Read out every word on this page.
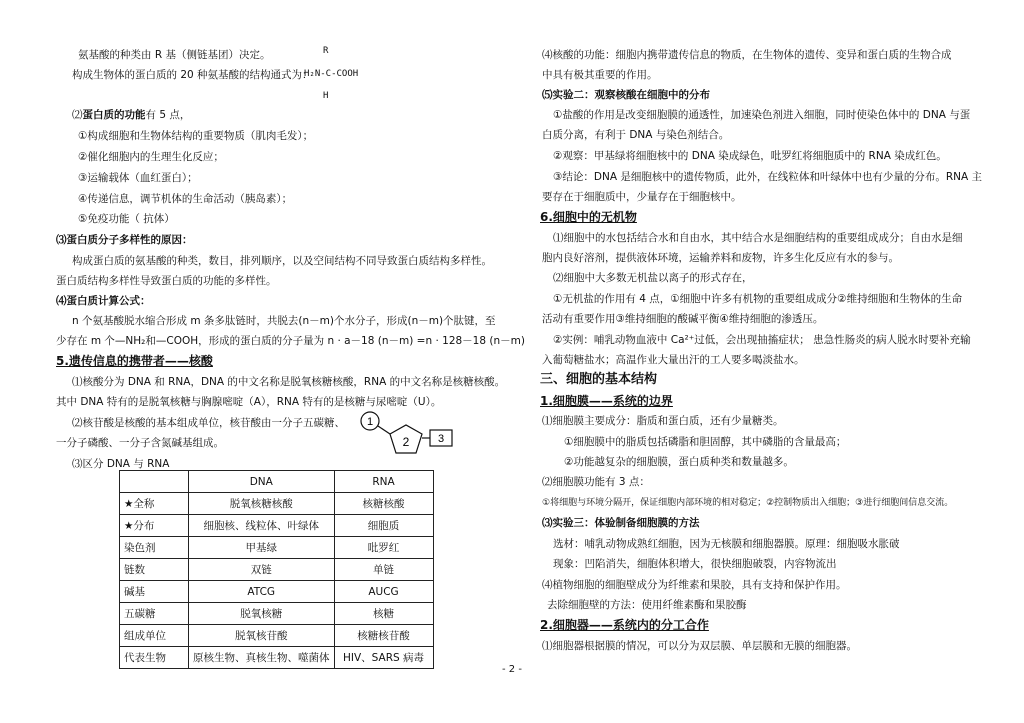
氨基酸的种类由 R 基（侧链基团）决定。	R
构成生物体的蛋白质的 20 种氨基酸的结构通式为：
H₂N-C-COOH
H
⑵蛋白质的功能有 5 点，
①构成细胞和生物体结构的重要物质（肌肉毛发）；
②催化细胞内的生理生化反应；
③运输载体（血红蛋白）；
④传递信息，调节机体的生命活动（胰岛素）；
⑤免疫功能（ 抗体）
⑶蛋白质分子多样性的原因：
构成蛋白质的氨基酸的种类，数目，排列顺序，以及空间结构不同导致蛋白质结构多样性。
蛋白质结构多样性导致蛋白质的功能的多样性。
⑷蛋白质计算公式：
n 个氨基酸脱水缩合形成 m 条多肽链时，共脱去(n－m)个水分子，形成(n－m)个肽键，至
少存在 m 个—NH₂和—COOH，形成的蛋白质的分子量为 n · a－18 (n－m) =n · 128－18 (n－m)
5.遗传信息的携带者——核酸
⑴核酸分为 DNA 和 RNA，DNA 的中文名称是脱氧核糖核酸，RNA 的中文名称是核糖核酸。
其中 DNA 特有的是脱氧核糖与胸腺嘧啶（A），RNA 特有的是核糖与尿嘧啶（U）。
⑵核苷酸是核酸的基本组成单位，核苷酸由一分子五碳糖、
一分子磷酸、一分子含氮碱基组成。
⑶区分 DNA 与 RNA
1
2	3
	DNA	RNA
★全称	脱氧核糖核酸	核糖核酸
★分布	细胞核、线粒体、叶绿体	细胞质
染色剂	甲基绿	吡罗红
链数	双链	单链
碱基	ATCG	AUCG
五碳糖	脱氧核糖	核糖
组成单位	脱氧核苷酸	核糖核苷酸
代表生物	原核生物、真核生物、噬菌体	HIV、SARS 病毒
⑷核酸的功能：细胞内携带遗传信息的物质，在生物体的遗传、变异和蛋白质的生物合成
中具有极其重要的作用。
⑸实验二：观察核酸在细胞中的分布
①盐酸的作用是改变细胞膜的通透性，加速染色剂进入细胞，同时使染色体中的 DNA 与蛋
白质分离，有利于 DNA 与染色剂结合。
②观察：甲基绿将细胞核中的 DNA 染成绿色，吡罗红将细胞质中的 RNA 染成红色。
③结论：DNA 是细胞核中的遗传物质，此外，在线粒体和叶绿体中也有少量的分布。RNA 主
要存在于细胞质中，少量存在于细胞核中。
6.细胞中的无机物
⑴细胞中的水包括结合水和自由水，其中结合水是细胞结构的重要组成成分；自由水是细
胞内良好溶剂，提供液体环境，运输养料和废物，许多生化反应有水的参与。
⑵细胞中大多数无机盐以离子的形式存在，
①无机盐的作用有 4 点，①细胞中许多有机物的重要组成成分②维持细胞和生物体的生命
活动有重要作用③维持细胞的酸碱平衡④维持细胞的渗透压。
②实例：哺乳动物血液中 Ca²⁺过低，会出现抽搐症状； 患急性肠炎的病人脱水时要补充输
入葡萄糖盐水；高温作业大量出汗的工人要多喝淡盐水。
三、细胞的基本结构
1.细胞膜——系统的边界
⑴细胞膜主要成分：脂质和蛋白质，还有少量糖类。
①细胞膜中的脂质包括磷脂和胆固醇，其中磷脂的含量最高；
②功能越复杂的细胞膜，蛋白质种类和数量越多。
⑵细胞膜功能有 3 点：
①将细胞与环境分隔开，保证细胞内部环境的相对稳定；②控制物质出入细胞；③进行细胞间信息交流。
⑶实验三：体验制备细胞膜的方法
选材：哺乳动物成熟红细胞，因为无核膜和细胞器膜。原理：细胞吸水胀破
现象：凹陷消失，细胞体积增大，很快细胞破裂，内容物流出
⑷植物细胞的细胞壁成分为纤维素和果胶，具有支持和保护作用。
去除细胞壁的方法：使用纤维素酶和果胶酶
2.细胞器——系统内的分工合作
⑴细胞器根据膜的情况，可以分为双层膜、单层膜和无膜的细胞器。
- 2 -
